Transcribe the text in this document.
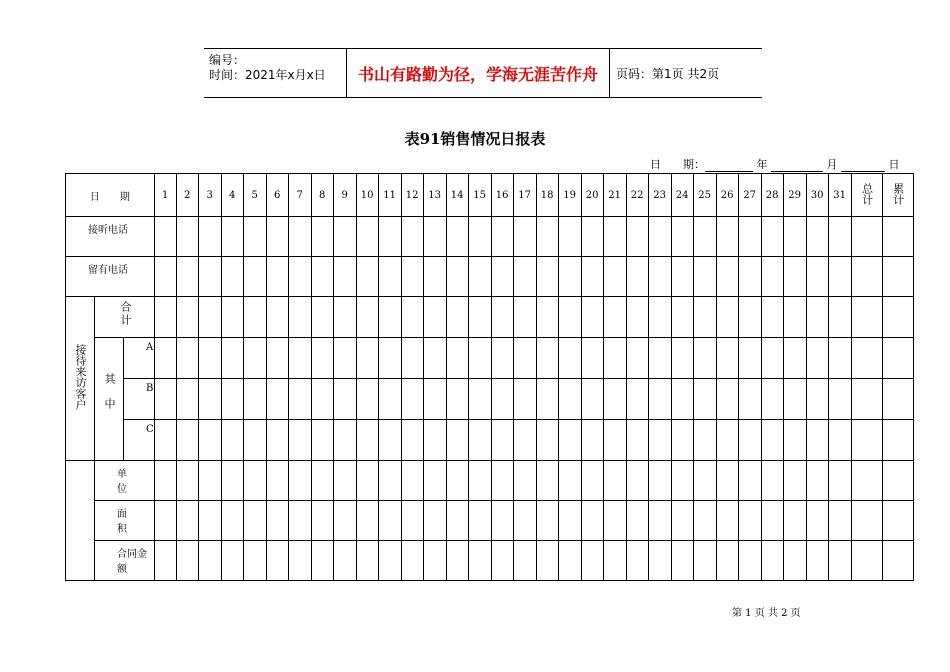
编号：
时间：2021年x月x日	书山有路勤为径，学海无涯苦作舟	页码：第1页 共2页
表91销售情况日报表
日　　期：	年	月	日
日　　期			1	2	3	4	5	6	7	8	9	10	11	12	13	14	15	16	17	18	19	20	21	22	23	24	25	26	27	28	29	30	31	总计	累计
接听电话																																			
留有电话																																			
接待来访客户	合计																																		
	其中	A																																	
		B																																	
		C																																	
	单　　位																																		
	面　　积																																		
	合同金额																																		
第 1 页 共 2 页
